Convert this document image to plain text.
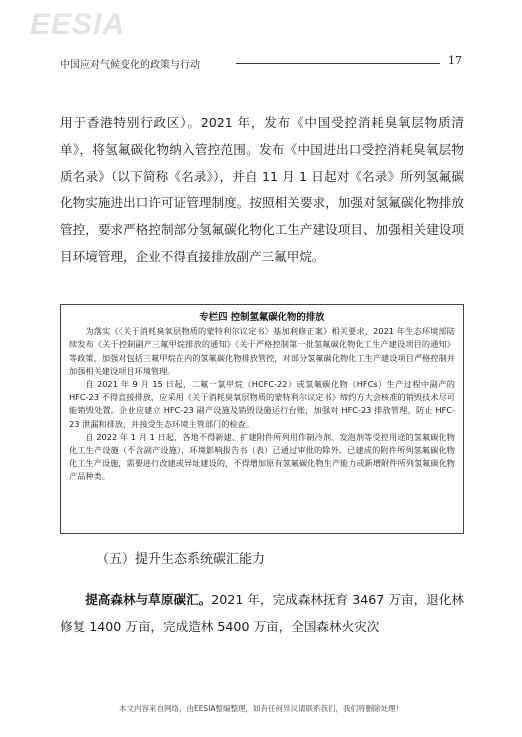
EESIA
中国应对气候变化的政策与行动	17

用于香港特别行政区）。2021 年，发布《中国受控消耗臭氧层物质清单》，将氢氟碳化物纳入管控范围。发布《中国进出口受控消耗臭氧层物质名录》（以下简称《名录》），并自 11 月 1 日起对《名录》所列氢氟碳化物实施进出口许可证管理制度。按照相关要求，加强对氢氟碳化物排放管控，要求严格控制部分氢氟碳化物化工生产建设项目、加强相关建设项目环境管理，企业不得直接排放副产三氟甲烷。

专栏四 控制氢氟碳化物的排放

为落实《〈关于消耗臭氧层物质的蒙特利尔议定书〉基加利修正案》相关要求，2021 年生态环境部陆续发布《关于控制副产三氟甲烷排放的通知》《关于严格控制第一批氢氟碳化物化工生产建设项目的通知》等政策，加强对包括三氟甲烷在内的氢氟碳化物排放管控，对部分氢氟碳化物化工生产建设项目严格控制并加强相关建设项目环境管理。

自 2021 年 9 月 15 日起，二氟一氯甲烷（HCFC-22）或氢氟碳化物（HFCs）生产过程中副产的 HFC-23 不得直接排放，应采用《关于消耗臭氧层物质的蒙特利尔议定书》缔约方大会核准的销毁技术尽可能销毁处置。企业应建立 HFC-23 副产设施及销毁设施运行台账，加强对 HFC-23 排放管理，防止 HFC-23 泄漏和排放，并接受生态环境主管部门的检查。

自 2022 年 1 月 1 日起，各地不得新建、扩建附件所列用作制冷剂、发泡剂等受控用途的氢氟碳化物化工生产设施（不含副产设施），环境影响报告书（表）已通过审批的除外。已建成的附件所列氢氟碳化物化工生产设施，需要进行改建或异址建设的，不得增加原有氢氟碳化物生产能力或新增附件所列氢氟碳化物产品种类。

（五）提升生态系统碳汇能力

提高森林与草原碳汇。2021 年，完成森林抚育 3467 万亩，退化林修复 1400 万亩，完成造林 5400 万亩，全国森林火灾次

本文内容来自网络，由EESIA整编整理，如有任何异议请联系我们，我们将删除处理！
